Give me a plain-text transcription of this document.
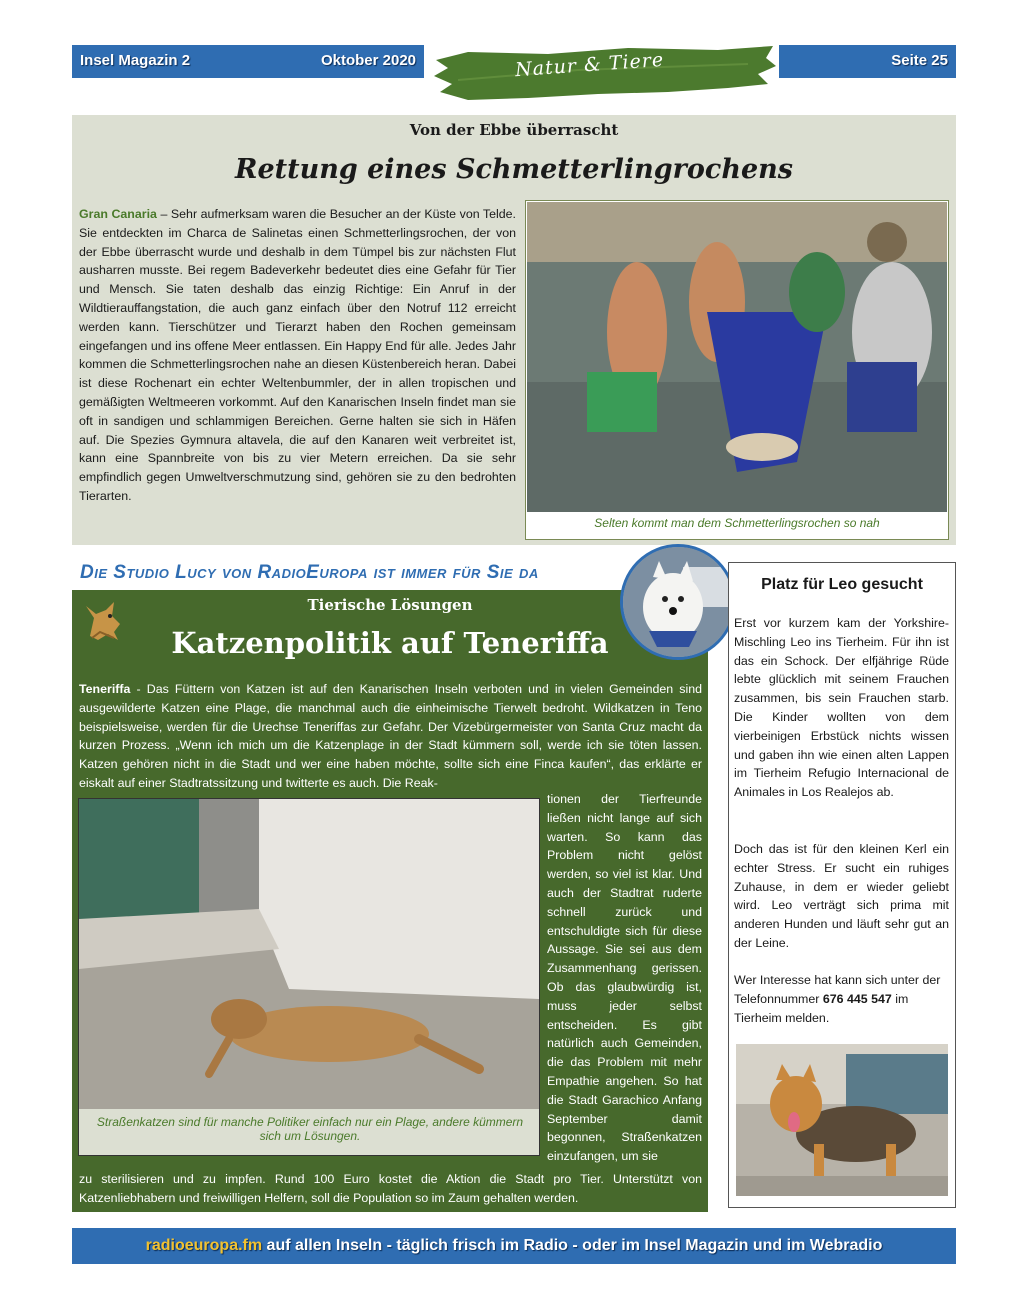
Insel Magazin 2	Oktober 2020	Natur & Tiere	Seite 25
Von der Ebbe überrascht
Rettung eines Schmetterlingrochens
Gran Canaria – Sehr aufmerksam waren die Besucher an der Küste von Telde. Sie entdeckten im Charca de Salinetas einen Schmetterlingsrochen, der von der Ebbe überrascht wurde und deshalb in dem Tümpel bis zur nächsten Flut ausharren musste. Bei regem Badeverkehr bedeutet dies eine Gefahr für Tier und Mensch. Sie taten deshalb das einzig Richtige: Ein Anruf in der Wildtierauffangstation, die auch ganz einfach über den Notruf 112 erreicht werden kann. Tierschützer und Tierarzt haben den Rochen gemeinsam eingefangen und ins offene Meer entlassen. Ein Happy End für alle. Jedes Jahr kommen die Schmetterlingsrochen nahe an diesen Küstenbereich heran. Dabei ist diese Rochenart ein echter Weltenbummler, der in allen tropischen und gemäßigten Weltmeeren vorkommt. Auf den Kanarischen Inseln findet man sie oft in sandigen und schlammigen Bereichen. Gerne halten sie sich in Häfen auf. Die Spezies Gymnura altavela, die auf den Kanaren weit verbreitet ist, kann eine Spannbreite von bis zu vier Metern erreichen. Da sie sehr empfindlich gegen Umweltverschmutzung sind, gehören sie zu den bedrohten Tierarten.
Selten kommt man dem Schmetterlingsrochen so nah
Die Studio Lucy von RadioEuropa ist immer für Sie da
Tierische Lösungen
Katzenpolitik auf Teneriffa
Teneriffa - Das Füttern von Katzen ist auf den Kanarischen Inseln verboten und in vielen Gemeinden sind ausgewilderte Katzen eine Plage, die manchmal auch die einheimische Tierwelt bedroht. Wildkatzen in Teno beispielsweise, werden für die Urechse Teneriffas zur Gefahr. Der Vizebürgermeister von Santa Cruz macht da kurzen Prozess. „Wenn ich mich um die Katzenplage in der Stadt kümmern soll, werde ich sie töten lassen. Katzen gehören nicht in die Stadt und wer eine haben möchte, sollte sich eine Finca kaufen“, das erklärte er eiskalt auf einer Stadtratssitzung und twitterte es auch. Die Reak-
Straßenkatzen sind für manche Politiker einfach nur ein Plage, andere kümmern sich um Lösungen.
tionen der Tierfreunde ließen nicht lange auf sich warten. So kann das Problem nicht gelöst werden, so viel ist klar. Und auch der Stadtrat ruderte schnell zurück und entschuldigte sich für diese Aussage. Sie sei aus dem Zusammenhang gerissen. Ob das glaubwürdig ist, muss jeder selbst entscheiden. Es gibt natürlich auch Gemeinden, die das Problem mit mehr Empathie angehen. So hat die Stadt Garachico Anfang September damit begonnen, Straßenkatzen einzufangen, um sie
zu sterilisieren und zu impfen. Rund 100 Euro kostet die Aktion die Stadt pro Tier. Unterstützt von Katzenliebhabern und freiwilligen Helfern, soll die Population so im Zaum gehalten werden.
Platz für Leo gesucht
Erst vor kurzem kam der Yorkshire-Mischling Leo ins Tierheim. Für ihn ist das ein Schock. Der elfjährige Rüde lebte glücklich mit seinem Frauchen zusammen, bis sein Frauchen starb. Die Kinder wollten von dem vierbeinigen Erbstück nichts wissen und gaben ihn wie einen alten Lappen im Tierheim Refugio Internacional de Animales in Los Realejos ab.
Doch das ist für den kleinen Kerl ein echter Stress. Er sucht ein ruhiges Zuhause, in dem er wieder geliebt wird. Leo verträgt sich prima mit anderen Hunden und läuft sehr gut an der Leine.
Wer Interesse hat kann sich unter der Telefonnummer 676 445 547 im Tierheim melden.
radioeuropa.fm auf allen Inseln - täglich frisch im Radio - oder im Insel Magazin und im Webradio
